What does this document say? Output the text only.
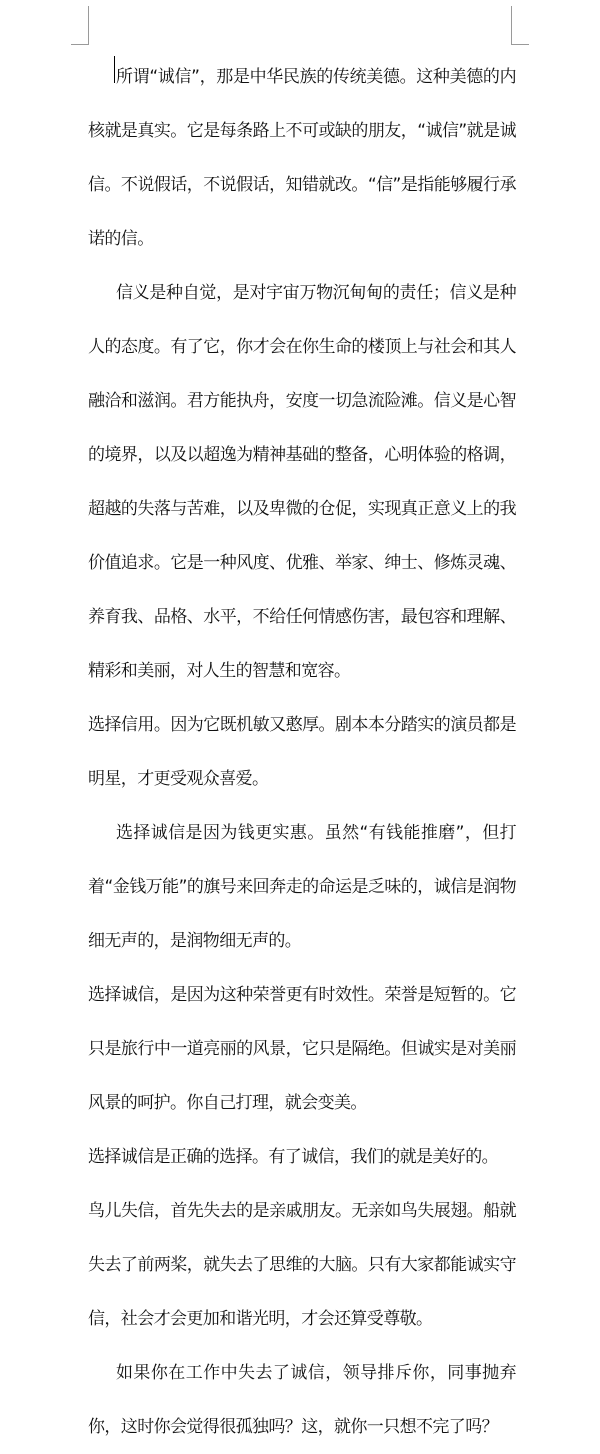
所谓“诚信”，那是中华民族的传统美德。这种美德的内核就是真实。它是每条路上不可或缺的朋友，“诚信”就是诚信。不说假话，不说假话，知错就改。“信”是指能够履行承诺的信。

信义是种自觉，是对宇宙万物沉甸甸的责任；信义是种人的态度。有了它，你才会在你生命的楼顶上与社会和其人融洽和滋润。君方能执舟，安度一切急流险滩。信义是心智的境界，以及以超逸为精神基础的整备，心明体验的格调，超越的失落与苦难，以及卑微的仓促，实现真正意义上的我价值追求。它是一种风度、优雅、举家、绅士、修炼灵魂、养育我、品格、水平，不给任何情感伤害，最包容和理解、精彩和美丽，对人生的智慧和宽容。

选择信用。因为它既机敏又憨厚。剧本本分踏实的演员都是明星，才更受观众喜爱。

选择诚信是因为钱更实惠。虽然“有钱能推磨”，但打着“金钱万能”的旗号来回奔走的命运是乏味的，诚信是润物细无声的，是润物细无声的。

选择诚信，是因为这种荣誉更有时效性。荣誉是短暂的。它只是旅行中一道亮丽的风景，它只是隔绝。但诚实是对美丽风景的呵护。你自己打理，就会变美。

选择诚信是正确的选择。有了诚信，我们的就是美好的。

鸟儿失信，首先失去的是亲戚朋友。无亲如鸟失展翅。船就失去了前两桨，就失去了思维的大脑。只有大家都能诚实守信，社会才会更加和谐光明，才会还算受尊敬。

如果你在工作中失去了诚信，领导排斥你，同事抛弃你，这时你会觉得很孤独吗？这，就你一只想不完了吗？
